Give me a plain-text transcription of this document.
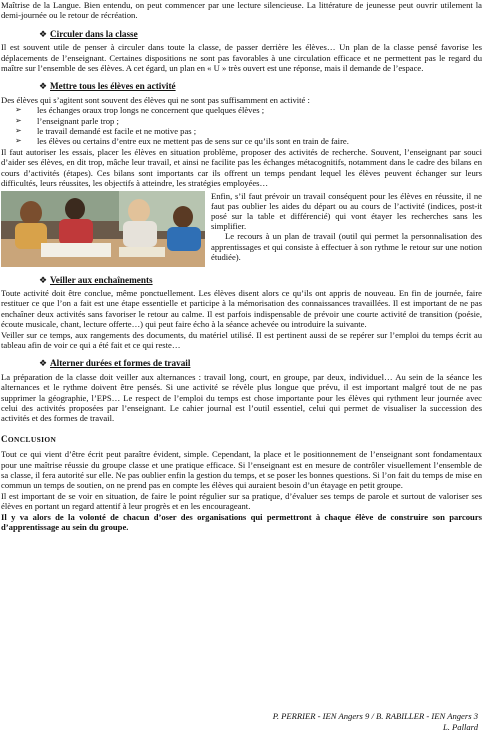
Maîtrise de la Langue. Bien entendu, on peut commencer par une lecture silencieuse. La littérature de jeunesse peut ouvrir utilement la demi-journée ou le retour de récréation.

❖ Circuler dans la classe

Il est souvent utile de penser à circuler dans toute la classe, de passer derrière les élèves… Un plan de la classe pensé favorise les déplacements de l’enseignant. Certaines dispositions ne sont pas favorables à une circulation efficace et ne permettent pas le regard du maître sur l’ensemble de ses élèves. A cet égard, un plan en « U » très ouvert est une réponse, mais il demande de l’espace.

❖ Mettre tous les élèves en activité

Des élèves qui s’agitent sont souvent des élèves qui ne sont pas suffisamment en activité :

➢	les échanges oraux trop longs ne concernent que quelques élèves ;
➢	l’enseignant parle trop ;
➢	le travail demandé est facile et ne motive pas ;
➢	les élèves ou certains d’entre eux ne mettent pas de sens sur ce qu’ils sont en train de faire.

Il faut autoriser les essais, placer les élèves en situation problème, proposer des activités de recherche. Souvent, l’enseignant par souci d’aider ses élèves, en dit trop, mâche leur travail, et ainsi ne facilite pas les échanges métacognitifs, notamment dans le cadre des bilans en cours d’activités (étapes). Ces bilans sont importants car ils offrent un temps pendant lequel les élèves peuvent échanger sur leurs difficultés, leurs réussites, les objectifs à atteindre, les stratégies employées…

Enfin, s’il faut prévoir un travail conséquent pour les élèves en réussite, il ne faut pas oublier les aides du départ ou au cours de l’activité (indices, post-it posé sur la table et différencié) qui vont étayer les recherches sans les simplifier.

Le recours à un plan de travail (outil qui permet la personnalisation des apprentissages et qui consiste à effectuer à son rythme le retour sur une notion étudiée).

❖ Veiller aux enchaînements

Toute activité doit être conclue, même ponctuellement. Les élèves disent alors ce qu’ils ont appris de nouveau. En fin de journée, faire restituer ce que l’on a fait est une étape essentielle et participe à la mémorisation des connaissances travaillées. Il est important de ne pas enchaîner deux activités sans favoriser le retour au calme. Il est parfois indispensable de prévoir une courte activité de transition (poésie, écoute musicale, chant, lecture offerte…) qui peut faire écho à la séance achevée ou introduire la suivante.

Veiller sur ce temps, aux rangements des documents, du matériel utilisé. Il est pertinent aussi de se repérer sur l’emploi du temps écrit au tableau afin de voir ce qui a été fait et ce qui reste…

❖ Alterner durées et formes de travail

La préparation de la classe doit veiller aux alternances : travail long, court, en groupe, par deux, individuel… Au sein de la séance les alternances et le rythme doivent être pensés. Si une activité se révèle plus longue que prévu, il est important malgré tout de ne pas supprimer la géographie, l’EPS… Le respect de l’emploi du temps est chose importante pour les élèves qui rythment leur journée avec celui des activités proposées par l’enseignant. Le cahier journal est l’outil essentiel, celui qui permet de visualiser la succession des activités et des formes de travail.

CONCLUSION

Tout ce qui vient d’être écrit peut paraître évident, simple. Cependant, la place et le positionnement de l’enseignant sont fondamentaux pour une maîtrise réussie du groupe classe et une pratique efficace. Si l’enseignant est en mesure de contrôler visuellement l’ensemble de sa classe, il fera autorité sur elle. Ne pas oublier enfin la gestion du temps, et se poser les bonnes questions. Si l’on fait du temps de mise en commun un temps de soutien, on ne prend pas en compte les élèves qui auraient besoin d’un étayage en petit groupe.

Il est important de se voir en situation, de faire le point régulier sur sa pratique, d’évaluer ses temps de parole et surtout de valoriser ses élèves en portant un regard attentif à leur progrès et en les encourageant.

Il y va alors de la volonté de chacun d’oser des organisations qui permettront à chaque élève de construire son parcours d’apprentissage au sein du groupe.

P. PERRIER - IEN Angers 9 / B. RABILLER - IEN Angers 3
L. Pallard
